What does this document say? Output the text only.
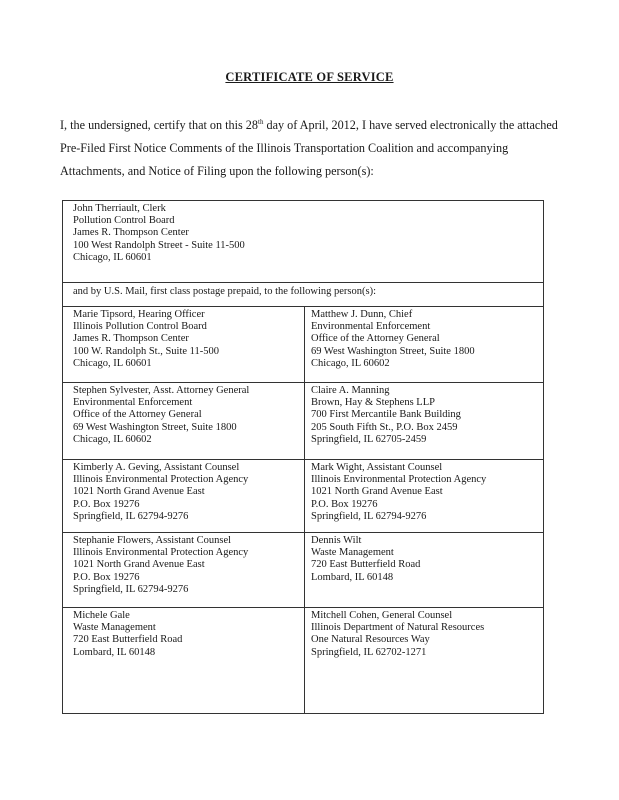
CERTIFICATE OF SERVICE
I, the undersigned, certify that on this 28th day of April, 2012, I have served electronically the attached Pre-Filed First Notice Comments of the Illinois Transportation Coalition and accompanying Attachments, and Notice of Filing upon the following person(s):
John Therriault, Clerk
Pollution Control Board
James R. Thompson Center
100 West Randolph Street - Suite 11-500
Chicago, IL 60601
and by U.S. Mail, first class postage prepaid, to the following person(s):
Marie Tipsord, Hearing Officer
Illinois Pollution Control Board
James R. Thompson Center
100 W. Randolph St., Suite 11-500
Chicago, IL 60601
Matthew J. Dunn, Chief
Environmental Enforcement
Office of the Attorney General
69 West Washington Street, Suite 1800
Chicago, IL 60602
Stephen Sylvester, Asst. Attorney General
Environmental Enforcement
Office of the Attorney General
69 West Washington Street, Suite 1800
Chicago, IL 60602
Claire A. Manning
Brown, Hay & Stephens LLP
700 First Mercantile Bank Building
205 South Fifth St., P.O. Box 2459
Springfield, IL 62705-2459
Kimberly A. Geving, Assistant Counsel
Illinois Environmental Protection Agency
1021 North Grand Avenue East
P.O. Box 19276
Springfield, IL 62794-9276
Mark Wight, Assistant Counsel
Illinois Environmental Protection Agency
1021 North Grand Avenue East
P.O. Box 19276
Springfield, IL 62794-9276
Stephanie Flowers, Assistant Counsel
Illinois Environmental Protection Agency
1021 North Grand Avenue East
P.O. Box 19276
Springfield, IL 62794-9276
Dennis Wilt
Waste Management
720 East Butterfield Road
Lombard, IL 60148
Michele Gale
Waste Management
720 East Butterfield Road
Lombard, IL 60148
Mitchell Cohen, General Counsel
Illinois Department of Natural Resources
One Natural Resources Way
Springfield, IL 62702-1271
